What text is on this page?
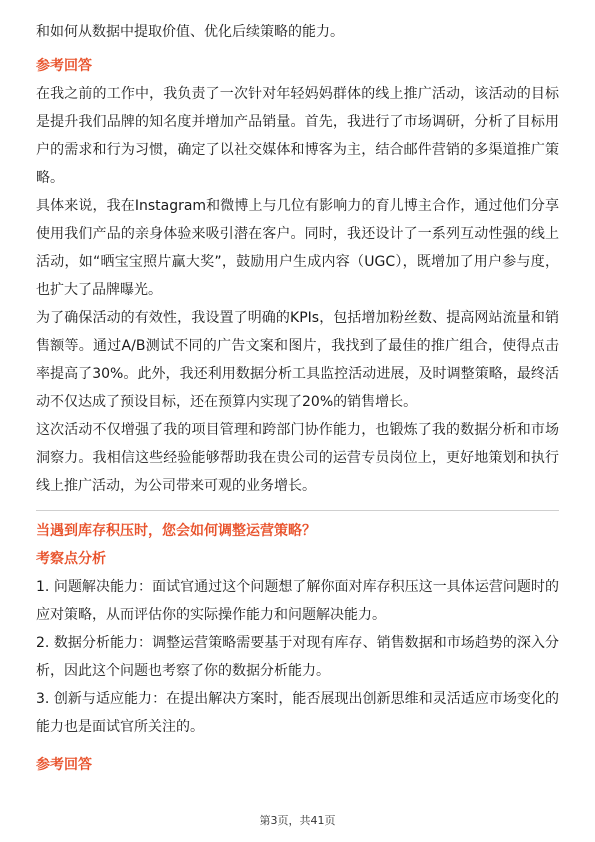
和如何从数据中提取价值、优化后续策略的能力。

参考回答

在我之前的工作中，我负责了一次针对年轻妈妈群体的线上推广活动，该活动的目标是提升我们品牌的知名度并增加产品销量。首先，我进行了市场调研，分析了目标用户的需求和行为习惯，确定了以社交媒体和博客为主，结合邮件营销的多渠道推广策略。

具体来说，我在Instagram和微博上与几位有影响力的育儿博主合作，通过他们分享使用我们产品的亲身体验来吸引潜在客户。同时，我还设计了一系列互动性强的线上活动，如“晒宝宝照片赢大奖”，鼓励用户生成内容（UGC），既增加了用户参与度，也扩大了品牌曝光。

为了确保活动的有效性，我设置了明确的KPIs，包括增加粉丝数、提高网站流量和销售额等。通过A/B测试不同的广告文案和图片，我找到了最佳的推广组合，使得点击率提高了30%。此外，我还利用数据分析工具监控活动进展，及时调整策略，最终活动不仅达成了预设目标，还在预算内实现了20%的销售增长。

这次活动不仅增强了我的项目管理和跨部门协作能力，也锻炼了我的数据分析和市场洞察力。我相信这些经验能够帮助我在贵公司的运营专员岗位上，更好地策划和执行线上推广活动，为公司带来可观的业务增长。

当遇到库存积压时，您会如何调整运营策略？

考察点分析

1. 问题解决能力：面试官通过这个问题想了解你面对库存积压这一具体运营问题时的应对策略，从而评估你的实际操作能力和问题解决能力。

2. 数据分析能力：调整运营策略需要基于对现有库存、销售数据和市场趋势的深入分析，因此这个问题也考察了你的数据分析能力。

3. 创新与适应能力：在提出解决方案时，能否展现出创新思维和灵活适应市场变化的能力也是面试官所关注的。

参考回答

第3页，共41页
